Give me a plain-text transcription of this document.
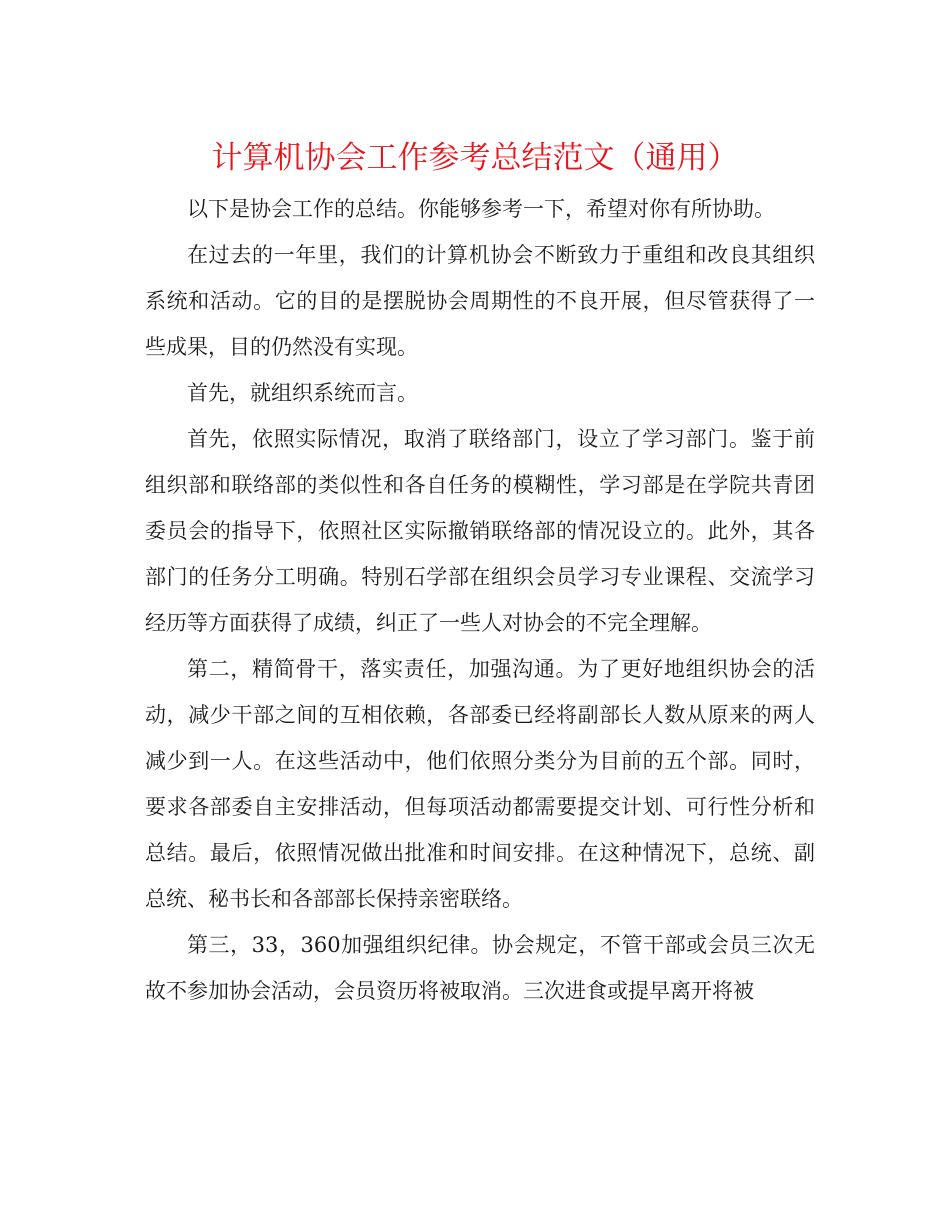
计算机协会工作参考总结范文（通用）

以下是协会工作的总结。你能够参考一下，希望对你有所协助。

在过去的一年里，我们的计算机协会不断致力于重组和改良其组织系统和活动。它的目的是摆脱协会周期性的不良开展，但尽管获得了一些成果，目的仍然没有实现。

首先，就组织系统而言。

首先，依照实际情况，取消了联络部门，设立了学习部门。鉴于前组织部和联络部的类似性和各自任务的模糊性，学习部是在学院共青团委员会的指导下，依照社区实际撤销联络部的情况设立的。此外，其各部门的任务分工明确。特别石学部在组织会员学习专业课程、交流学习经历等方面获得了成绩，纠正了一些人对协会的不完全理解。

第二，精简骨干，落实责任，加强沟通。为了更好地组织协会的活动，减少干部之间的互相依赖，各部委已经将副部长人数从原来的两人减少到一人。在这些活动中，他们依照分类分为目前的五个部。同时，要求各部委自主安排活动，但每项活动都需要提交计划、可行性分析和总结。最后，依照情况做出批准和时间安排。在这种情况下，总统、副总统、秘书长和各部部长保持亲密联络。

第三，33，360加强组织纪律。协会规定，不管干部或会员三次无故不参加协会活动，会员资历将被取消。三次进食或提早离开将被
